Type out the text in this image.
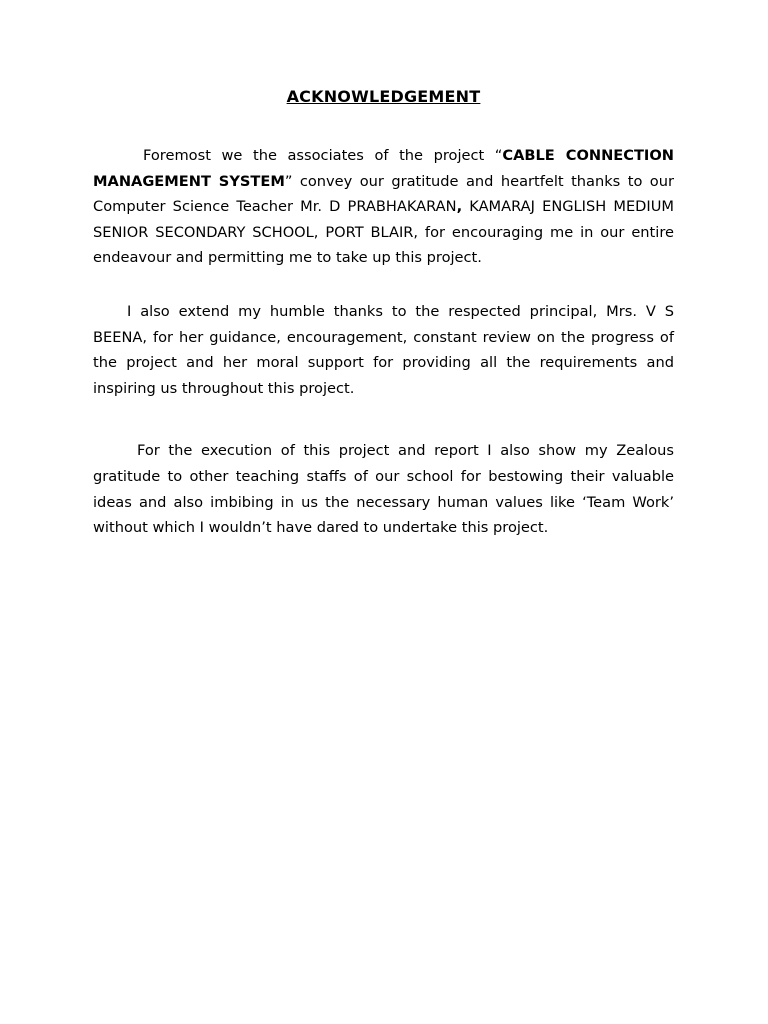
ACKNOWLEDGEMENT

Foremost we the associates of the project “CABLE CONNECTION MANAGEMENT SYSTEM” convey our gratitude and heartfelt thanks to our Computer Science Teacher Mr. D PRABHAKARAN, KAMARAJ ENGLISH MEDIUM SENIOR SECONDARY SCHOOL, PORT BLAIR, for encouraging me in our entire endeavour and permitting me to take up this project.

I also extend my humble thanks to the respected principal, Mrs. V S BEENA, for her guidance, encouragement, constant review on the progress of the project and her moral support for providing all the requirements and inspiring us throughout this project.

For the execution of this project and report I also show my Zealous gratitude to other teaching staffs of our school for bestowing their valuable ideas and also imbibing in us the necessary human values like ‘Team Work’ without which I wouldn’t have dared to undertake this project.
